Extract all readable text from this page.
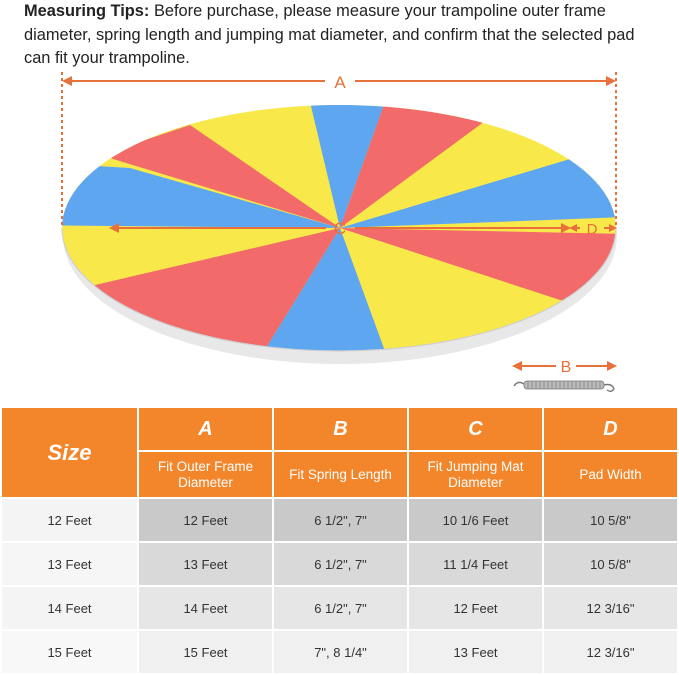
Measuring Tips: Before purchase, please measure your trampoline outer frame diameter, spring length and jumping mat diameter, and confirm that the selected pad can fit your trampoline.

A
C	D
B
Size	A	B	C	D
	Fit Outer Frame Diameter	Fit Spring Length	Fit Jumping Mat Diameter	Pad Width
12 Feet	12 Feet	6 1/2", 7"	10 1/6 Feet	10 5/8"
13 Feet	13 Feet	6 1/2", 7"	11 1/4 Feet	10 5/8"
14 Feet	14 Feet	6 1/2", 7"	12 Feet	12 3/16"
15 Feet	15 Feet	7", 8 1/4"	13 Feet	12 3/16"
